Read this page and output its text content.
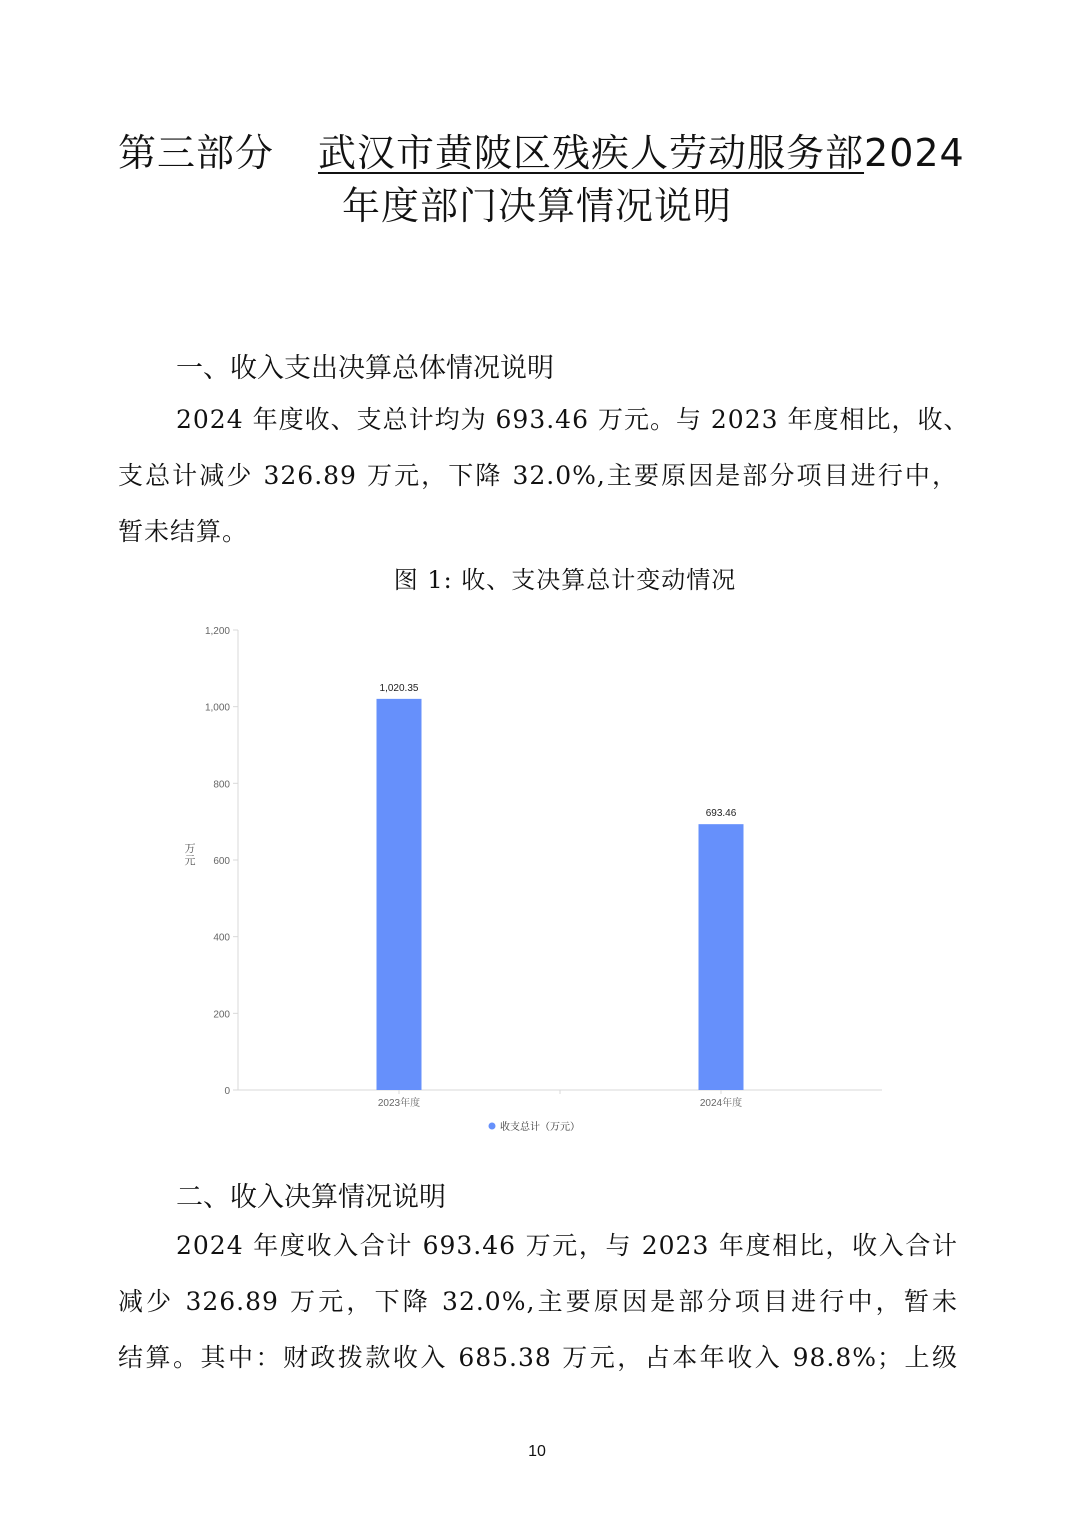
第三部分 武汉市黄陂区残疾人劳动服务部2024
年度部门决算情况说明
一、收入支出决算总体情况说明
2024 年度收、支总计均为 693.46 万元。与 2023 年度相比，收、
支总计减少 326.89 万元，下降 32.0%,主要原因是部分项目进行中，
暂未结算。
图 1: 收、支决算总计变动情况
0
200
400
600
800
1,000
1,200
万元
1,020.35
2023年度
693.46
2024年度
收支总计（万元）
二、收入决算情况说明
2024 年度收入合计 693.46 万元，与 2023 年度相比，收入合计
减少 326.89 万元，下降 32.0%,主要原因是部分项目进行中，暂未
结算。其中：财政拨款收入 685.38 万元，占本年收入 98.8%；上级
10
